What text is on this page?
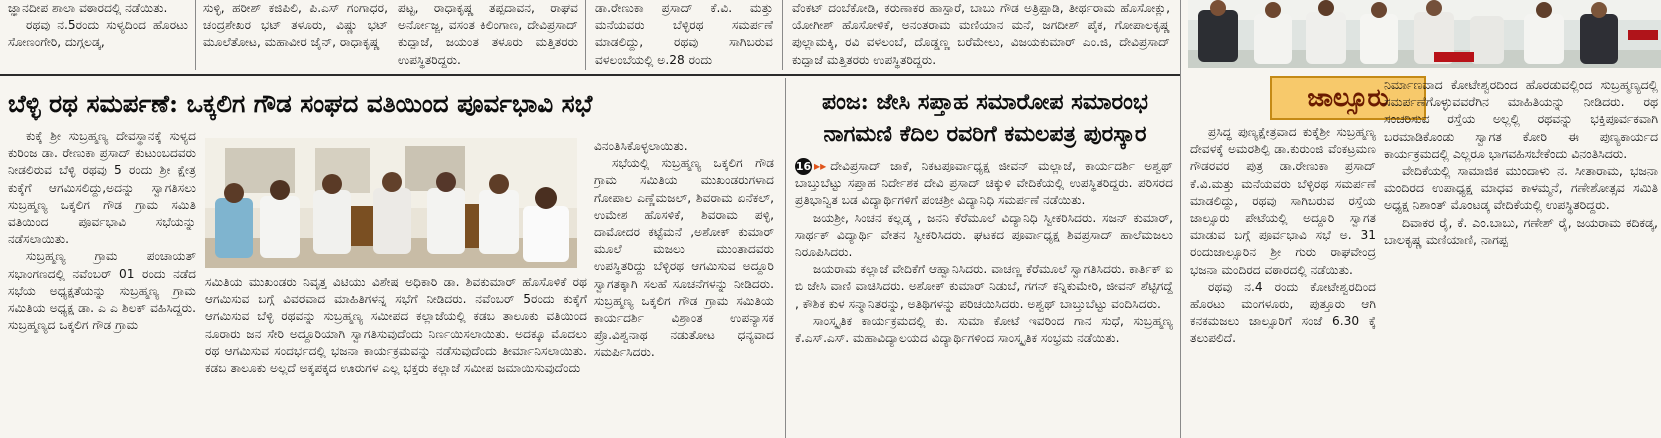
ಜ್ಞಾನದೀಪ ಶಾಲಾ ವಠಾರದಲ್ಲಿ ನಡೆಯಿತು.

ರಥವು ನ.5ರಂದು ಸುಳ್ಯದಿಂದ ಹೊರಟು ಸೋಣಂಗೇರಿ, ದುಗ್ಗಲಡ್ಕ,

ಸುಳ್ಳಿ, ಹರೀಶ್ ಕಜಿಪಿಲಿ, ಪಿ.ಎಸ್ ಗಂಗಾಧರ, ಚಂದ್ರಶೇಖರ ಭಟ್ ತಳೂರು, ವಿಷ್ಣು ಭಟ್ ಮೂಲೆತೋಟ, ಮಹಾವೀರ ಜೈನ್, ರಾಧಾಕೃಷ್ಣ

ಪಟ್ಟ, ರಾಧಾಕೃಷ್ಣ ತಪ್ಪದಾವನ, ರಾಘವ ಅರ್ನೋಜ್ಜ, ವಸಂತ ಕಿಲಿಂಗಾಣ, ದೇವಿಪ್ರಸಾದ್ ಕುದ್ಪಾಜೆ, ಜಯಂತ ತಳೂರು ಮತ್ತಿತರರು ಉಪಸ್ಥಿತರಿದ್ದರು.

ಡಾ.ರೇಣುಕಾ ಪ್ರಸಾದ್ ಕೆ.ವಿ. ಮತ್ತು ಮನೆಯವರು ಬೆಳ್ಳಿರಥ ಸಮರ್ಪಣೆ ಮಾಡಲಿದ್ದು, ರಥವು ಸಾಗಿಬರುವ ವಳಲಂಬೆಯಲ್ಲಿ ಅ.28 ರಂದು

ವೆಂಕಟ್ ದಂಬೆಕೋಡಿ, ಕರುಣಾಕರ ಹಾಸ್ಪಾರೆ, ಬಾಬು ಗೌಡ ಅತ್ರಿಪ್ಪಾಡಿ, ತೀರ್ಥರಾಮ ಹೊಸೋಕ್ಲು, ಯೋಗೀಶ್ ಹೊಸೋಳಿಕೆ, ಅನಂತರಾಮ ಮಣಿಯಾನ ಮನೆ, ಜಗದೀಶ್ ಪೈಕ, ಗೋಪಾಲಕೃಷ್ಣ ಪುಲ್ಲಾಮಕ್ಕಿ, ರವಿ ವಳಲಂಬೆ, ದೊಡ್ಡಣ್ಣ ಬರೆಮೇಲು, ವಿಜಯಕುಮಾರ್ ಎಂ.ಜಿ, ದೇವಿಪ್ರಸಾದ್ ಕುದ್ಪಾಜೆ ಮತ್ತಿತರರು ಉಪಸ್ಥಿತರಿದ್ದರು.

ಬೆಳ್ಳಿ ರಥ ಸಮರ್ಪಣೆ: ಒಕ್ಕಲಿಗ ಗೌಡ ಸಂಘದ ವತಿಯಿಂದ ಪೂರ್ವಭಾವಿ ಸಭೆ

ಕುಕ್ಕೆ ಶ್ರೀ ಸುಬ್ರಹ್ಮಣ್ಯ ದೇವಸ್ಥಾನಕ್ಕೆ ಸುಳ್ಯದ ಕುರಿಂಜ ಡಾ. ರೇಣುಕಾ ಪ್ರಸಾದ್ ಕುಟುಂಬದವರು ನೀಡಲಿರುವ ಬೆಳ್ಳಿ ರಥವು 5 ರಂದು ಶ್ರೀ ಕ್ಷೇತ್ರ ಕುಕ್ಕೆಗೆ ಆಗಮಿಸಲಿದ್ದು,ಅದನ್ನು ಸ್ವಾಗತಿಸಲು ಸುಬ್ರಹ್ಮಣ್ಯ ಒಕ್ಕಲಿಗ ಗೌಡ ಗ್ರಾಮ ಸಮಿತಿ ವತಿಯಿಂದ ಪೂರ್ವಭಾವಿ ಸಭೆಯನ್ನು ನಡೆಸಲಾಯಿತು.

ಸುಬ್ರಹ್ಮಣ್ಯ ಗ್ರಾಮ ಪಂಚಾಯತ್ ಸಭಾಂಗಣದಲ್ಲಿ ನವೆಂಬರ್ 01 ರಂದು ನಡೆದ ಸಭೆಯ ಅಧ್ಯಕ್ಷತೆಯನ್ನು ಸುಬ್ರಹ್ಮಣ್ಯ ಗ್ರಾಮ ಸಮಿತಿಯ ಅಧ್ಯಕ್ಷ ಡಾ. ಎ ಎ ಶಿಲಕ್ ವಹಿಸಿದ್ದರು. ಸುಬ್ರಹ್ಮಣ್ಯದ ಒಕ್ಕಲಿಗ ಗೌಡ ಗ್ರಾಮ

ಸಮಿತಿಯ ಮುಖಂಡರು ನಿವೃತ್ತ ವಿಟಿಯು ವಿಶೇಷ ಅಧಿಕಾರಿ ಡಾ. ಶಿವಕುಮಾರ್ ಹೊಸೊಳಿಕೆ ರಥ ಆಗಮಿಸುವ ಬಗ್ಗೆ ವಿವರವಾದ ಮಾಹಿತಿಗಳನ್ನ ಸಭೆಗೆ ನೀಡಿದರು. ನವೆಂಬರ್ 5ರಂದು ಕುಕ್ಕೆಗೆ ಆಗಮಿಸುವ ಬೆಳ್ಳಿ ರಥವನ್ನು ಸುಬ್ರಹ್ಮಣ್ಯ ಸಮೀಪದ ಕಲ್ಲಾಜೆಯಲ್ಲಿ ಕಡಬ ತಾಲೂಕು ವತಿಯಿಂದ ನೂರಾರು ಜನ ಸೇರಿ ಅದ್ದೂರಿಯಾಗಿ ಸ್ವಾಗತಿಸುವುದೆಂದು ನಿರ್ಣಯಿಸಲಾಯಿತು. ಅದಕ್ಕೂ ಮೊದಲು ರಥ ಆಗಮಿಸುವ ಸಂದರ್ಭದಲ್ಲಿ ಭಜನಾ ಕಾರ್ಯಕ್ರಮವನ್ನು ನಡೆಸುವುದೆಂದು ತೀರ್ಮಾನಿಸಲಾಯಿತು. ಕಡಬ ತಾಲೂಕು ಅಲ್ಲದೆ ಅಕ್ಕಪಕ್ಕದ ಊರುಗಳ ಎಲ್ಲ ಭಕ್ತರು ಕಲ್ಲಾಜೆ ಸಮೀಪ ಜಮಾಯಿಸುವುದೆಂದು

ವಿನಂತಿಸಿಕೊಳ್ಳಲಾಯಿತು.

ಸಭೆಯಲ್ಲಿ ಸುಬ್ರಹ್ಮಣ್ಯ ಒಕ್ಕಲಿಗ ಗೌಡ ಗ್ರಾಮ ಸಮಿತಿಯ ಮುಖಂಡರುಗಳಾದ ಗೋಪಾಲ ಎಣ್ಣೆಮಜಲ್, ಶಿವರಾಮ ಏನೆಕಲ್, ಉಮೇಶ ಹೊಸಳಿಕೆ, ಶಿವರಾಮ ಪಳ್ಳಿ, ದಾಮೋದರ ಕಟ್ಟೆಮನೆ ,ಅಶೋಕ್ ಕುಮಾರ್ ಮೂಲೆ ಮಜಲು ಮುಂತಾದವರು ಉಪಸ್ಥಿತರಿದ್ದು ಬೆಳ್ಳಿರಥ ಆಗಮಿಸುವ ಅದ್ದೂರಿ ಸ್ವಾಗತಕ್ಕಾಗಿ ಸಲಹೆ ಸೂಚನೆಗಳನ್ನು ನೀಡಿದರು. ಸುಬ್ರಹ್ಮಣ್ಯ ಒಕ್ಕಲಿಗ ಗೌಡ ಗ್ರಾಮ ಸಮಿತಿಯ ಕಾರ್ಯದರ್ಶಿ ವಿಶ್ರಾಂತ ಉಪನ್ಯಾಸಕ ಪ್ರೊ.ವಿಶ್ವನಾಥ ನಡುತೋಟ ಧನ್ಯವಾದ ಸಮರ್ಪಿಸಿದರು.

ಪಂಜ: ಜೇಸಿ ಸಪ್ತಾಹ ಸಮಾರೋಪ ಸಮಾರಂಭ
ನಾಗಮಣಿ ಕೆದಿಲ ರವರಿಗೆ ಕಮಲಪತ್ರ ಪುರಸ್ಕಾರ

16 ▸▸ ದೇವಿಪ್ರಸಾದ್ ಜಾಕೆ, ನಿಕಟಪೂರ್ವಾಧ್ಯಕ್ಷ ಜೀವನ್ ಮಲ್ಲಾಜೆ, ಕಾರ್ಯದರ್ಶಿ ಅಶ್ವಥ್ ಬಾಬ್ತುಬೆಟ್ಟು ಸಪ್ತಾಹ ನಿರ್ದೇಶಕ ದೇವಿ ಪ್ರಸಾದ್ ಚಿಕ್ಕುಳಿ ವೇದಿಕೆಯಲ್ಲಿ ಉಪಸ್ಥಿತರಿದ್ದರು. ಪರಿಸರದ ಪ್ರತಿಭಾನ್ವಿತ ಬಡ ವಿದ್ಯಾರ್ಥಿಗಳಿಗೆ ಪಂಚಶ್ರೀ ವಿದ್ಯಾನಿಧಿ ಸಮರ್ಪಣೆ ನಡೆಯಿತು.

ಜಯಶ್ರೀ, ಸಿಂಚನ ಕಲ್ಲಡ್ಕ , ಜನನಿ ಕೆರೆಮೂಲೆ ವಿದ್ಯಾನಿಧಿ ಸ್ವೀಕರಿಸಿದರು. ಸಜನ್ ಕುಮಾರ್, ಸಾರ್ಥಕ್ ವಿದ್ಯಾರ್ಥಿ ವೇತನ ಸ್ವೀಕರಿಸಿದರು. ಘಟಕದ ಪೂರ್ವಾಧ್ಯಕ್ಷ ಶಿವಪ್ರಸಾದ್ ಹಾಲೆಮಜಲು ನಿರೂಪಿಸಿದರು.

ಜಯರಾಮ ಕಲ್ಲಾಜೆ ವೇದಿಕೆಗೆ ಆಹ್ವಾನಿಸಿದರು. ವಾಚಣ್ಣ ಕೆರೆಮೂಲೆ ಸ್ವಾಗತಿಸಿದರು. ಕಾರ್ತಿಕ್ ಐ ಬಿ ಜೇಸಿ ವಾಣಿ ವಾಚಿಸಿದರು. ಅಶೋಕ್ ಕುಮಾರ್ ನಿಡುಬೆ, ಗಗನ್ ಕನ್ನಿಕುಮೇರಿ, ಜೀವನ್ ಶೆಟ್ಟಿಗದ್ದೆ , ಕೌಶಿಕ ಕುಳ ಸನ್ಮಾನಿತರನ್ನು, ಅತಿಥಿಗಳನ್ನು ಪರಿಚಯಿಸಿದರು. ಅಶ್ವಥ್ ಬಾಬ್ತುಬೆಟ್ಟು ವಂದಿಸಿದರು.

ಸಾಂಸ್ಕೃತಿಕ ಕಾರ್ಯಕ್ರಮದಲ್ಲಿ ಕು. ಸುಮಾ ಕೋಟೆ ಇವರಿಂದ ಗಾನ ಸುಧೆ, ಸುಬ್ರಹ್ಮಣ್ಯ ಕೆ.ಎಸ್.ಎಸ್. ಮಹಾವಿದ್ಯಾಲಯದ ವಿದ್ಯಾರ್ಥಿಗಳಿಂದ ಸಾಂಸ್ಕೃತಿಕ ಸಂಭ್ರಮ ನಡೆಯಿತು.

ಜಾಲ್ಸೂರು

ಪ್ರಸಿದ್ಧ ಪುಣ್ಯಕ್ಷೇತ್ರವಾದ ಕುಕ್ಕೆಶ್ರೀ ಸುಬ್ರಹ್ಮಣ್ಯ ದೇವಳಕ್ಕೆ ಅಮರಶಿಲ್ಪಿ ಡಾ.ಕುರುಂಜಿ ವೆಂಕಟ್ರಮಣ ಗೌಡರವರ ಪುತ್ರ ಡಾ.ರೇಣುಕಾ ಪ್ರಸಾದ್ ಕೆ.ವಿ.ಮತ್ತು ಮನೆಯವರು ಬೆಳ್ಳಿರಥ ಸಮರ್ಪಣೆ ಮಾಡಲಿದ್ದು, ರಥವು ಸಾಗಿಬರುವ ರಸ್ತೆಯ ಜಾಲ್ಸೂರು ಪೇಟೆಯಲ್ಲಿ ಅದ್ದೂರಿ ಸ್ವಾಗತ ಮಾಡುವ ಬಗ್ಗೆ ಪೂರ್ವಭಾವಿ ಸಭೆ ಅ. 31 ರಂದುಜಾಲ್ಸೂರಿನ ಶ್ರೀ ಗುರು ರಾಘವೇಂದ್ರ ಭಜನಾ ಮಂದಿರದ ವಠಾರದಲ್ಲಿ ನಡೆಯಿತು.

ರಥವು ನ.4 ರಂದು ಕೋಟೇಶ್ವರದಿಂದ ಹೊರಟು ಮಂಗಳೂರು, ಪುತ್ತೂರು ಆಗಿ ಕನಕಮಜಲು ಜಾಲ್ಸೂರಿಗೆ ಸಂಜೆ 6.30 ಕ್ಕೆ ತಲುಪಲಿದೆ.

ನಿರ್ಮಾಣವಾದ ಕೋಟೇಶ್ವರದಿಂದ ಹೊರಡುವಲ್ಲಿಂದ ಸುಬ್ರಹ್ಮಣ್ಯದಲ್ಲಿ ಸಮರ್ಪಣೆಗೊಳ್ಳುವವರೆಗಿನ ಮಾಹಿತಿಯನ್ನು ನೀಡಿದರು. ರಥ ಸಂಚರಿಸುವ ರಸ್ತೆಯ ಅಲ್ಲಲ್ಲಿ ರಥವನ್ನು ಭಕ್ತಿಪೂರ್ವಕವಾಗಿ ಬರಮಾಡಿಕೊಂಡು ಸ್ವಾಗತ ಕೋರಿ ಈ ಪುಣ್ಯಕಾರ್ಯದ ಕಾರ್ಯಕ್ರಮದಲ್ಲಿ ಎಲ್ಲರೂ ಭಾಗವಹಿಸಬೇಕೆಂದು ವಿನಂತಿಸಿದರು.

ವೇದಿಕೆಯಲ್ಲಿ ಸಾಮಾಜಿಕ ಮುಂದಾಳು ನ. ಸೀತಾರಾಮ, ಭಜನಾ ಮಂದಿರದ ಉಪಾಧ್ಯಕ್ಷ ಮಾಧವ ಕಾಳಮ್ಮನೆ, ಗಣೇಶೋತ್ಸವ ಸಮಿತಿ ಅಧ್ಯಕ್ಷ ನಿಶಾಂತ್ ಮೊಂಟಡ್ಕ ವೇದಿಕೆಯಲ್ಲಿ ಉಪಸ್ಥಿತರಿದ್ದರು.

ದಿವಾಕರ ರೈ, ಕೆ. ಎಂ.ಬಾಬು, ಗಣೇಶ್ ರೈ, ಜಯರಾಮ ಕದಿಕಡ್ಕ, ಬಾಲಕೃಷ್ಣ ಮಣಿಯಾಣಿ, ನಾಗಪ್ಪ
